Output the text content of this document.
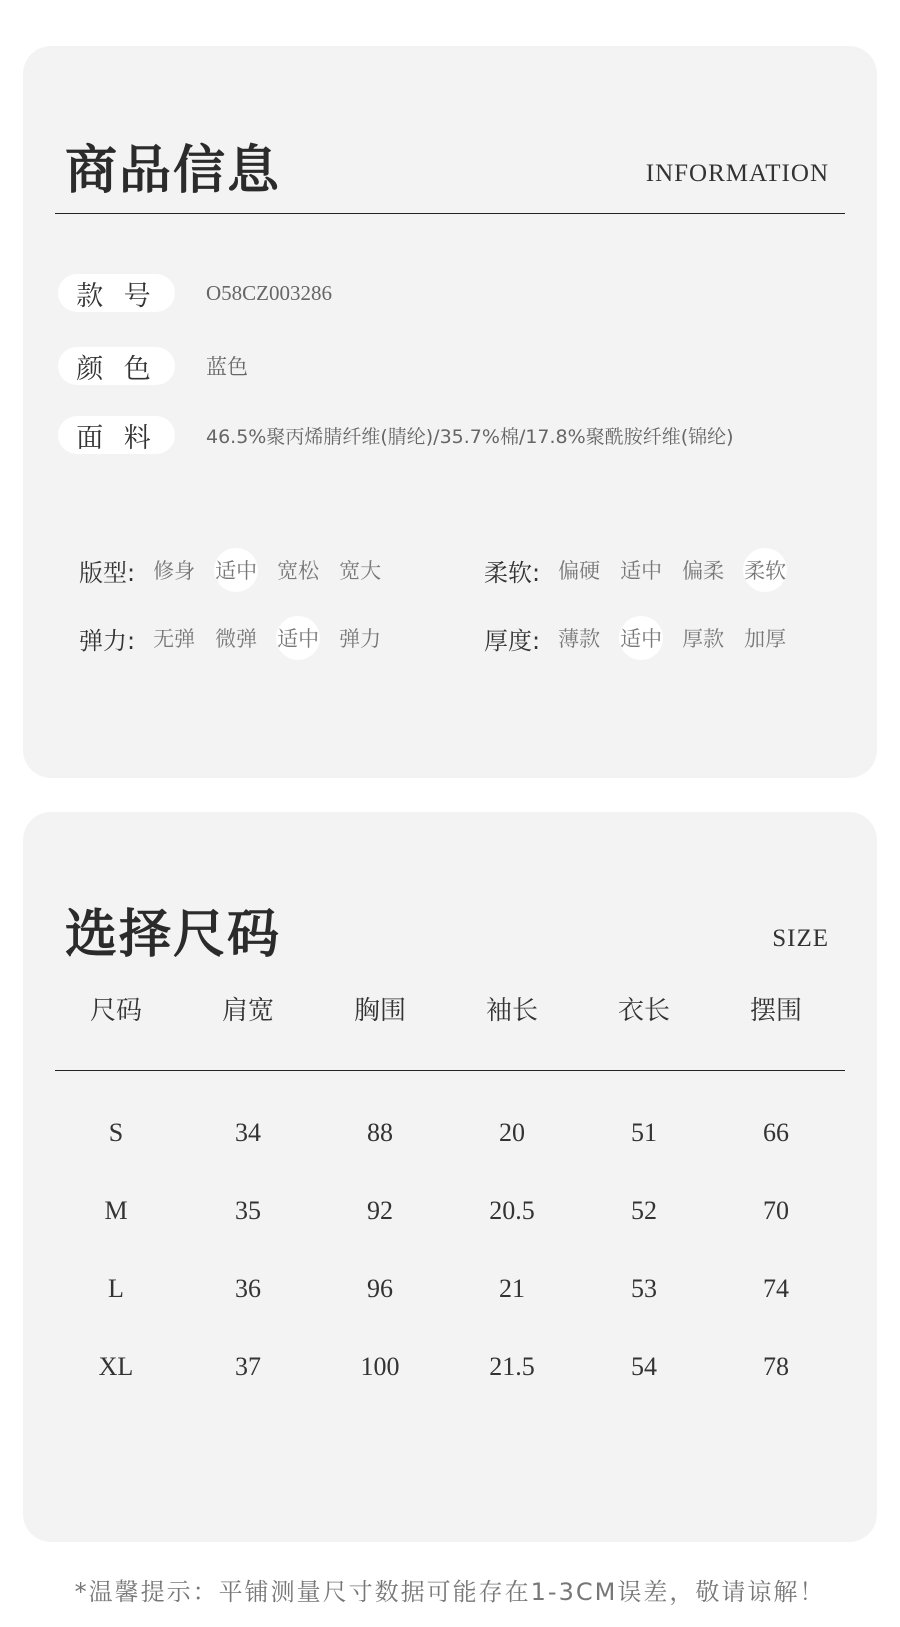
商品信息	INFORMATION
款 号	O58CZ003286
颜 色	蓝色
面 料	46.5%聚丙烯腈纤维(腈纶)/35.7%棉/17.8%聚酰胺纤维(锦纶)
版型: 修身 适中 宽松 宽大	柔软: 偏硬 适中 偏柔 柔软
弹力: 无弹 微弹 适中 弹力	厚度: 薄款 适中 厚款 加厚
选择尺码	SIZE
尺码	肩宽	胸围	袖长	衣长	摆围
S	34	88	20	51	66
M	35	92	20.5	52	70
L	36	96	21	53	74
XL	37	100	21.5	54	78
*温馨提示：平铺测量尺寸数据可能存在1-3CM误差，敬请谅解！
